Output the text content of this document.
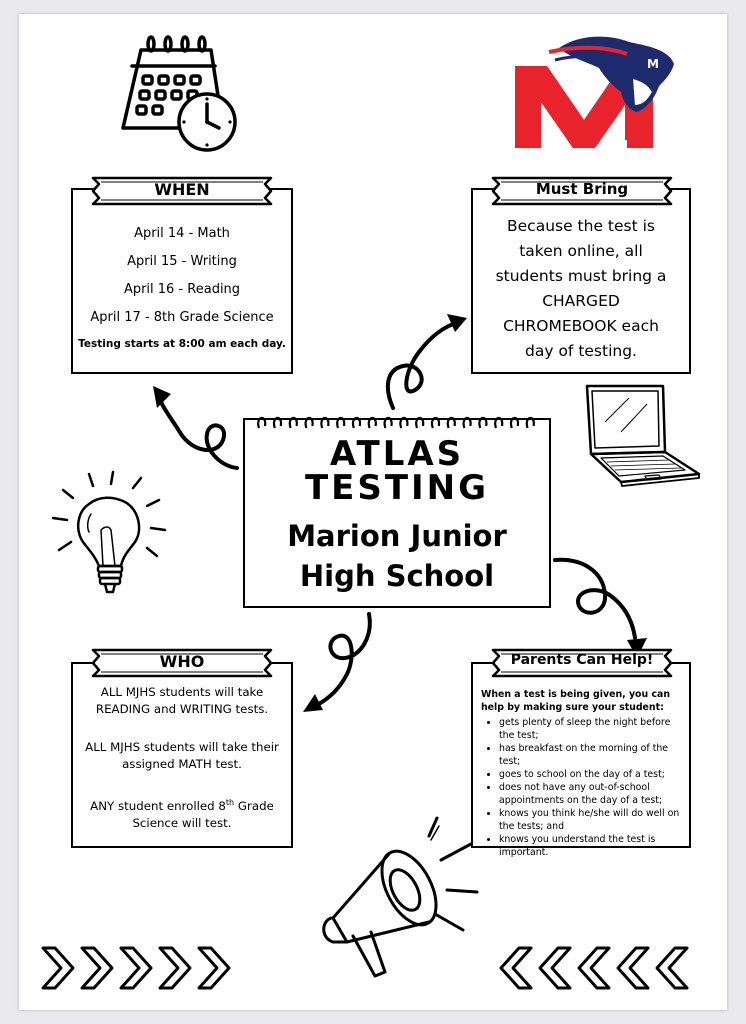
M
April 14 - Math
April 15 - Writing
April 16 - Reading
April 17 - 8th Grade Science
Testing starts at 8:00 am each day.
WHEN
Because the test is
taken online, all
students must bring a
CHARGED
CHROMEBOOK each
day of testing.
Must Bring
ATLAS
TESTING
Marion Junior
High School

ALL MJHS students will take READING and WRITING tests.

ALL MJHS students will take their assigned MATH test.

ANY student enrolled 8th Grade Science will test.

WHO
When a test is being given, you can help by making sure your student:
• gets plenty of sleep the night before the test;
• has breakfast on the morning of the test;
• goes to school on the day of a test;
• does not have any out-of-school appointments on the day of a test;
• knows you think he/she will do well on the tests; and
• knows you understand the test is important.
Parents Can Help!
